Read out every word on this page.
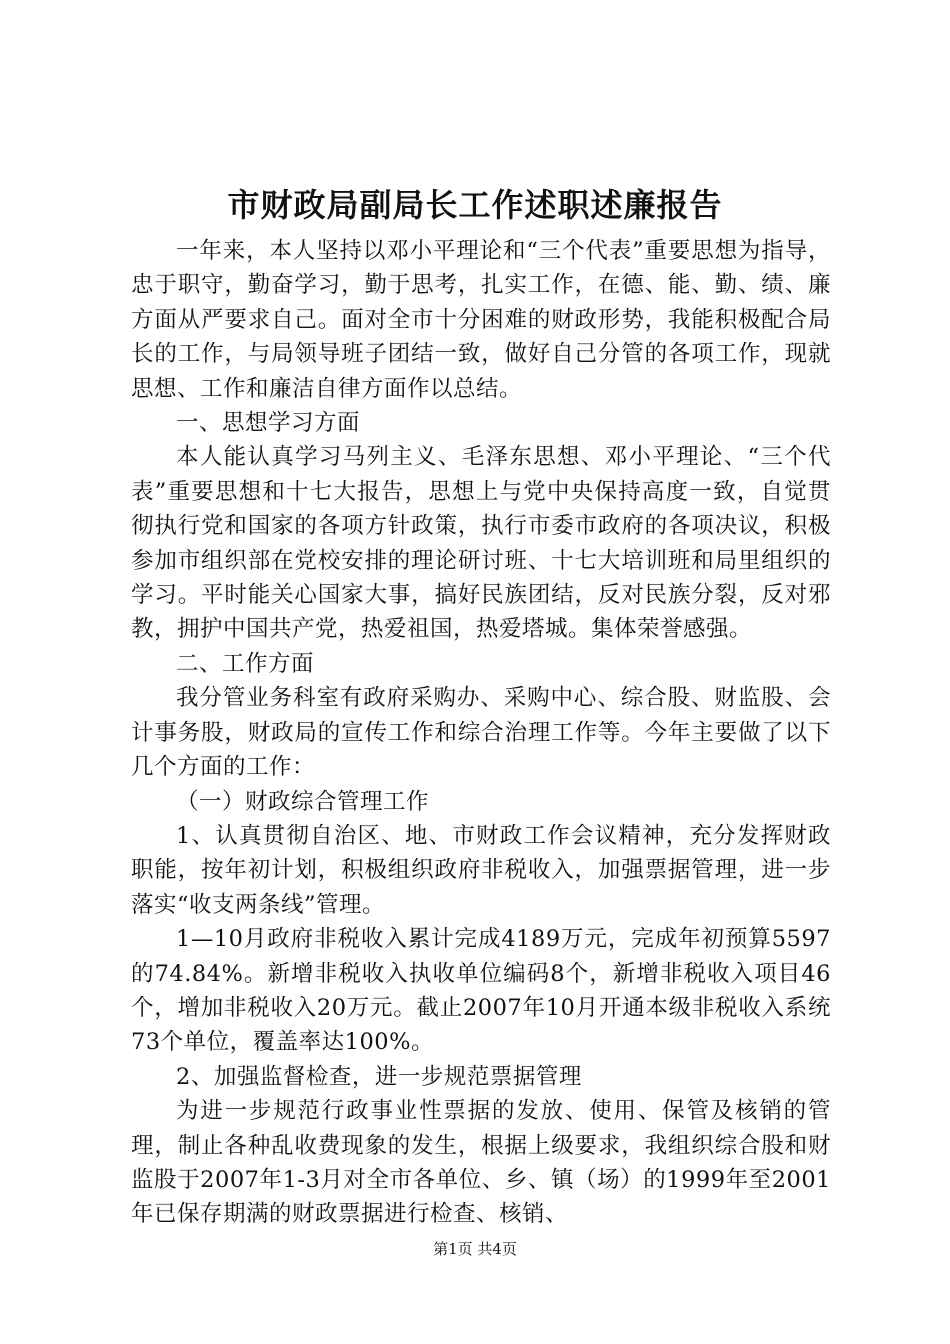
市财政局副局长工作述职述廉报告

一年来，本人坚持以邓小平理论和“三个代表”重要思想为指导，忠于职守，勤奋学习，勤于思考，扎实工作，在德、能、勤、绩、廉方面从严要求自己。面对全市十分困难的财政形势，我能积极配合局长的工作，与局领导班子团结一致，做好自己分管的各项工作，现就思想、工作和廉洁自律方面作以总结。

一、思想学习方面

本人能认真学习马列主义、毛泽东思想、邓小平理论、“三个代表”重要思想和十七大报告，思想上与党中央保持高度一致，自觉贯彻执行党和国家的各项方针政策，执行市委市政府的各项决议，积极参加市组织部在党校安排的理论研讨班、十七大培训班和局里组织的学习。平时能关心国家大事，搞好民族团结，反对民族分裂，反对邪教，拥护中国共产党，热爱祖国，热爱塔城。集体荣誉感强。

二、工作方面

我分管业务科室有政府采购办、采购中心、综合股、财监股、会计事务股，财政局的宣传工作和综合治理工作等。今年主要做了以下几个方面的工作：

（一）财政综合管理工作

1、认真贯彻自治区、地、市财政工作会议精神，充分发挥财政职能，按年初计划，积极组织政府非税收入，加强票据管理，进一步落实“收支两条线”管理。

1—10月政府非税收入累计完成4189万元，完成年初预算5597的74.84%。新增非税收入执收单位编码8个，新增非税收入项目46个，增加非税收入20万元。截止2007年10月开通本级非税收入系统73个单位，覆盖率达100%。

2、加强监督检查，进一步规范票据管理

为进一步规范行政事业性票据的发放、使用、保管及核销的管理，制止各种乱收费现象的发生，根据上级要求，我组织综合股和财监股于2007年1-3月对全市各单位、乡、镇（场）的1999年至2001年已保存期满的财政票据进行检查、核销、

第1页 共4页
